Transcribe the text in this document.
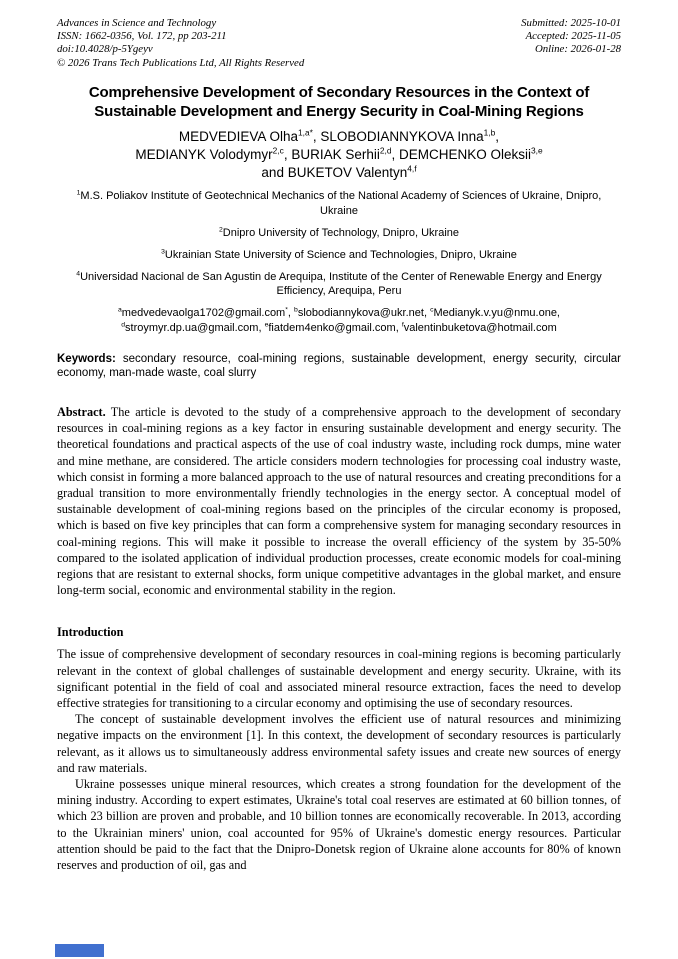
Advances in Science and Technology
ISSN: 1662-0356, Vol. 172, pp 203-211
doi:10.4028/p-5Ygeyv
© 2026 Trans Tech Publications Ltd, All Rights Reserved
Submitted: 2025-10-01
Accepted: 2025-11-05
Online: 2026-01-28
Comprehensive Development of Secondary Resources in the Context of
Sustainable Development and Energy Security in Coal-Mining Regions
MEDVEDIEVA Olha$^{1,a*}$, SLOBODIANNYKOVA Inna$^{1,b}$,
MEDIANYK Volodymyr$^{2,c}$, BURIAK Serhii$^{2,d}$, DEMCHENKO Oleksii$^{3,e}$
and BUKETOV Valentyn$^{4,f}$

$^1$M.S. Poliakov Institute of Geotechnical Mechanics of the National Academy of Sciences of Ukraine, Dnipro, Ukraine

$^2$Dnipro University of Technology, Dnipro, Ukraine

$^3$Ukrainian State University of Science and Technologies, Dnipro, Ukraine

$^4$Universidad Nacional de San Agustin de Arequipa, Institute of the Center of Renewable Energy and Energy Efficiency, Arequipa, Peru

$^a$medvedevaolga1702@gmail.com*, $^b$slobodiannykova@ukr.net, $^c$Medianyk.v.yu@nmu.one, $^d$stroymyr.dp.ua@gmail.com, $^e$fiatdem4enko@gmail.com, $^f$valentinbuketova@hotmail.com

Keywords: secondary resource, coal-mining regions, sustainable development, energy security, circular economy, man-made waste, coal slurry

Abstract. The article is devoted to the study of a comprehensive approach to the development of secondary resources in coal-mining regions as a key factor in ensuring sustainable development and energy security. The theoretical foundations and practical aspects of the use of coal industry waste, including rock dumps, mine water and mine methane, are considered. The article considers modern technologies for processing coal industry waste, which consist in forming a more balanced approach to the use of natural resources and creating preconditions for a gradual transition to more environmentally friendly technologies in the energy sector. A conceptual model of sustainable development of coal-mining regions based on the principles of the circular economy is proposed, which is based on five key principles that can form a comprehensive system for managing secondary resources in coal-mining regions. This will make it possible to increase the overall efficiency of the system by 35-50% compared to the isolated application of individual production processes, create economic models for coal-mining regions that are resistant to external shocks, form unique competitive advantages in the global market, and ensure long-term social, economic and environmental stability in the region.

Introduction

The issue of comprehensive development of secondary resources in coal-mining regions is becoming particularly relevant in the context of global challenges of sustainable development and energy security. Ukraine, with its significant potential in the field of coal and associated mineral resource extraction, faces the need to develop effective strategies for transitioning to a circular economy and optimising the use of secondary resources.

The concept of sustainable development involves the efficient use of natural resources and minimizing negative impacts on the environment [1]. In this context, the development of secondary resources is particularly relevant, as it allows us to simultaneously address environmental safety issues and create new sources of energy and raw materials.

Ukraine possesses unique mineral resources, which creates a strong foundation for the development of the mining industry. According to expert estimates, Ukraine's total coal reserves are estimated at 60 billion tonnes, of which 23 billion are proven and probable, and 10 billion tonnes are economically recoverable. In 2013, according to the Ukrainian miners' union, coal accounted for 95% of Ukraine's domestic energy resources. Particular attention should be paid to the fact that the Dnipro-Donetsk region of Ukraine alone accounts for 80% of known reserves and production of oil, gas and
